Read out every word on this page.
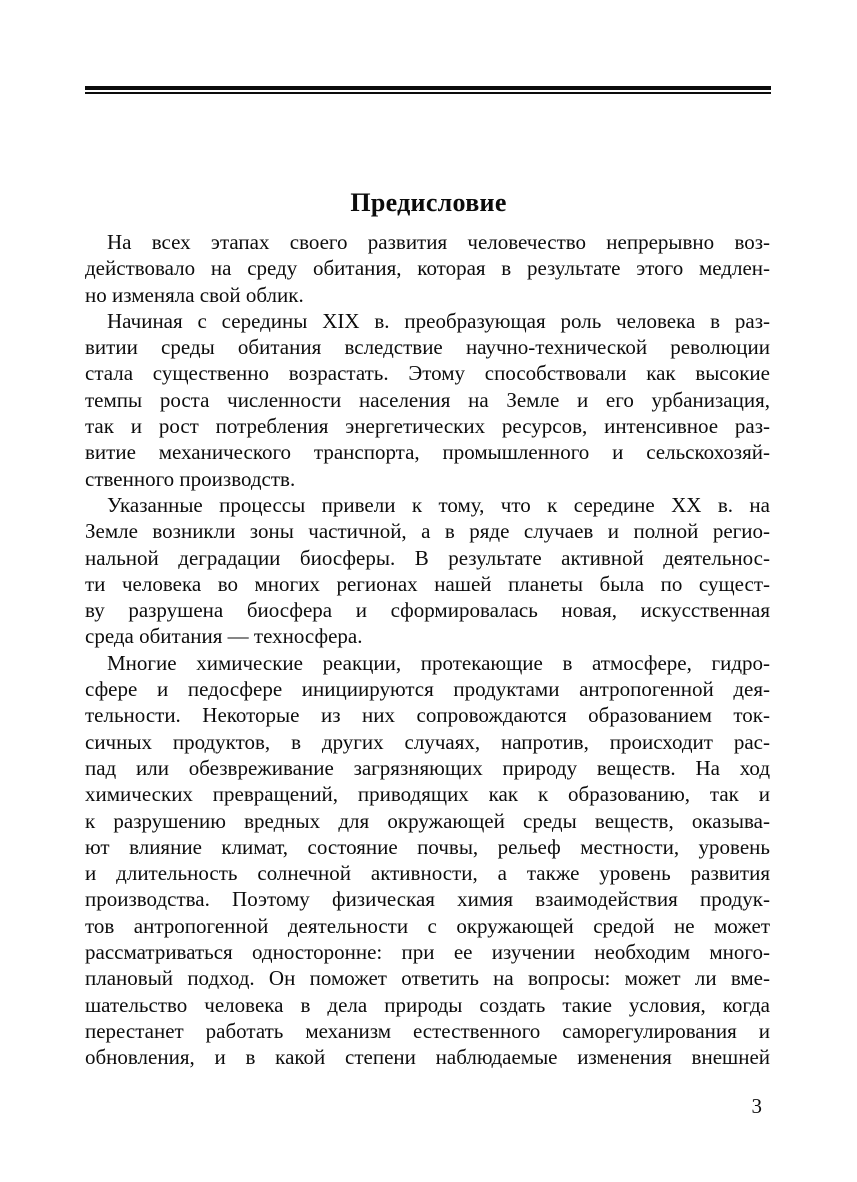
Предисловие
На всех этапах своего развития человечество непрерывно воз-
действовало на среду обитания, которая в результате этого медлен-
но изменяла свой облик.
Начиная с середины XIX в. преобразующая роль человека в раз-
витии среды обитания вследствие научно-технической революции
стала существенно возрастать. Этому способствовали как высокие
темпы роста численности населения на Земле и его урбанизация,
так и рост потребления энергетических ресурсов, интенсивное раз-
витие механического транспорта, промышленного и сельскохозяй-
ственного производств.
Указанные процессы привели к тому, что к середине XX в. на
Земле возникли зоны частичной, а в ряде случаев и полной регио-
нальной деградации биосферы. В результате активной деятельнос-
ти человека во многих регионах нашей планеты была по сущест-
ву разрушена биосфера и сформировалась новая, искусственная
среда обитания — техносфера.
Многие химические реакции, протекающие в атмосфере, гидро-
сфере и педосфере инициируются продуктами антропогенной дея-
тельности. Некоторые из них сопровождаются образованием ток-
сичных продуктов, в других случаях, напротив, происходит рас-
пад или обезвреживание загрязняющих природу веществ. На ход
химических превращений, приводящих как к образованию, так и
к разрушению вредных для окружающей среды веществ, оказыва-
ют влияние климат, состояние почвы, рельеф местности, уровень
и длительность солнечной активности, а также уровень развития
производства. Поэтому физическая химия взаимодействия продук-
тов антропогенной деятельности с окружающей средой не может
рассматриваться односторонне: при ее изучении необходим много-
плановый подход. Он поможет ответить на вопросы: может ли вме-
шательство человека в дела природы создать такие условия, когда
перестанет работать механизм естественного саморегулирования и
обновления, и в какой степени наблюдаемые изменения внешней
3
